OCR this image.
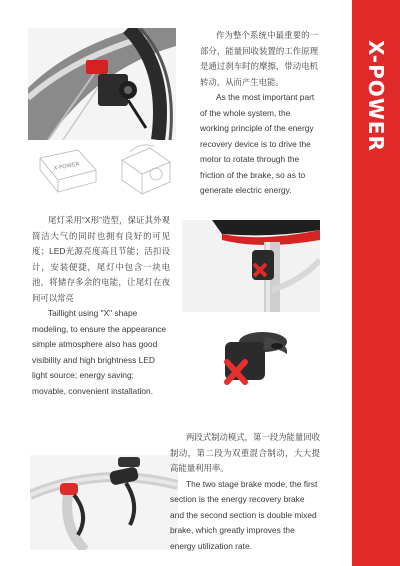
X-POWER
X-POWER

作为整个系统中最重要的一部分，能量回收装置的工作原理是通过刹车时的摩擦，带动电机转动，从而产生电能。

As the most important part of the whole system, the working principle of the energy recovery device is to drive the motor to rotate through the friction of the brake, so as to generate electric energy.

尾灯采用“X形”造型，保证其外观简洁大气的同时也拥有良好的可见度；LED光源亮度高且节能；活扣设计，安装便捷，尾灯中包含一块电池，将储存多余的电能，让尾灯在夜间可以常亮

Taillight using "X" shape modeling, to ensure the appearance simple atmosphere also has good visibility and high brightness LED light source; energy saving; movable, convenient installation.

两段式制动模式，第一段为能量回收制动，第二段为双重混合制动，大大提高能量利用率。

The two stage brake mode, the first section is the energy recovery brake and the second section is double mixed brake, which greatly improves the energy utilization rate.
